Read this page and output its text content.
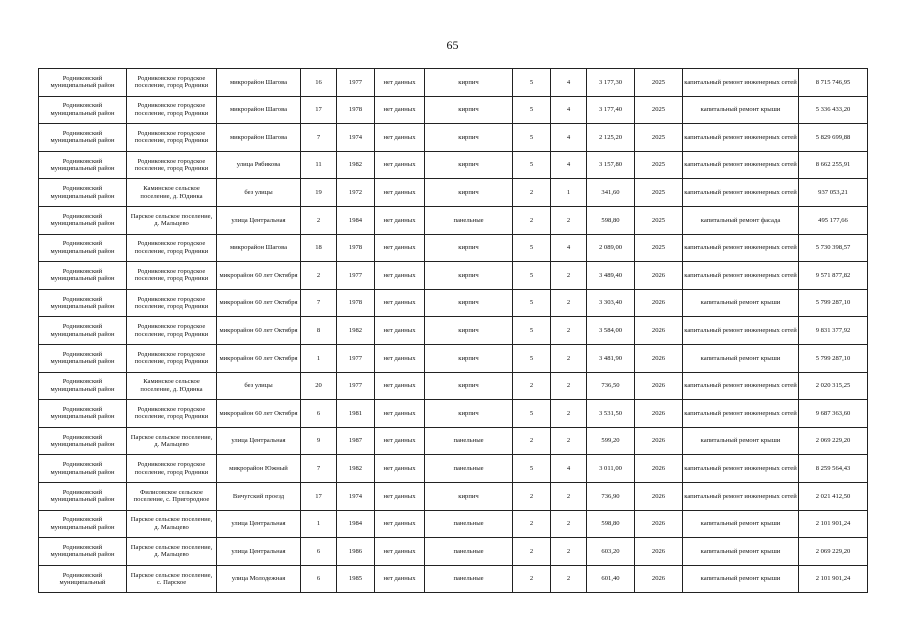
65
Родниковский муниципальный район	Родниковское городское поселение, город Родники	микрорайон Шагова	16	1977	нет данных	кирпич	5	4	3 177,30	2025	капитальный ремонт инженерных сетей	8 715 746,95

Родниковский муниципальный район	Родниковское городское поселение, город Родники	микрорайон Шагова	17	1978	нет данных	кирпич	5	4	3 177,40	2025	капитальный ремонт крыши	5 336 433,20

Родниковский муниципальный район	Родниковское городское поселение, город Родники	микрорайон Шагова	7	1974	нет данных	кирпич	5	4	2 125,20	2025	капитальный ремонт инженерных сетей	5 829 699,88

Родниковский муниципальный район	Родниковское городское поселение, город Родники	улица Рябикова	11	1982	нет данных	кирпич	5	4	3 157,80	2025	капитальный ремонт инженерных сетей	8 662 255,91

Родниковский муниципальный район	Каминское сельское поселение, д. Юдинка	без улицы	19	1972	нет данных	кирпич	2	1	341,60	2025	капитальный ремонт инженерных сетей	937 053,21

Родниковский муниципальный район	Парское сельское поселение, д. Мальцево	улица Центральная	2	1984	нет данных	панельные	2	2	598,80	2025	капитальный ремонт фасада	495 177,66

Родниковский муниципальный район	Родниковское городское поселение, город Родники	микрорайон Шагова	18	1978	нет данных	кирпич	5	4	2 089,00	2025	капитальный ремонт инженерных сетей	5 730 398,57

Родниковский муниципальный район	Родниковское городское поселение, город Родники	микрорайон 60 лет Октября	2	1977	нет данных	кирпич	5	2	3 489,40	2026	капитальный ремонт инженерных сетей	9 571 877,82

Родниковский муниципальный район	Родниковское городское поселение, город Родники	микрорайон 60 лет Октября	7	1978	нет данных	кирпич	5	2	3 303,40	2026	капитальный ремонт крыши	5 799 287,10

Родниковский муниципальный район	Родниковское городское поселение, город Родники	микрорайон 60 лет Октября	8	1982	нет данных	кирпич	5	2	3 584,00	2026	капитальный ремонт инженерных сетей	9 831 377,92

Родниковский муниципальный район	Родниковское городское поселение, город Родники	микрорайон 60 лет Октября	1	1977	нет данных	кирпич	5	2	3 481,90	2026	капитальный ремонт крыши	5 799 287,10

Родниковский муниципальный район	Каминское сельское поселение, д. Юдинка	без улицы	20	1977	нет данных	кирпич	2	2	736,50	2026	капитальный ремонт инженерных сетей	2 020 315,25

Родниковский муниципальный район	Родниковское городское поселение, город Родники	микрорайон 60 лет Октября	6	1981	нет данных	кирпич	5	2	3 531,50	2026	капитальный ремонт инженерных сетей	9 687 363,60

Родниковский муниципальный район	Парское сельское поселение, д. Мальцево	улица Центральная	9	1987	нет данных	панельные	2	2	599,20	2026	капитальный ремонт крыши	2 069 229,20

Родниковский муниципальный район	Родниковское городское поселение, город Родники	микрорайон Южный	7	1982	нет данных	панельные	5	4	3 011,00	2026	капитальный ремонт инженерных сетей	8 259 564,43

Родниковский муниципальный район	Филисовское сельское поселение, с. Пригородное	Вичугский проезд	17	1974	нет данных	кирпич	2	2	736,90	2026	капитальный ремонт инженерных сетей	2 021 412,50

Родниковский муниципальный район	Парское сельское поселение, д. Мальцево	улица Центральная	1	1984	нет данных	панельные	2	2	598,80	2026	капитальный ремонт крыши	2 101 901,24

Родниковский муниципальный район	Парское сельское поселение, д. Мальцево	улица Центральная	6	1986	нет данных	панельные	2	2	603,20	2026	капитальный ремонт крыши	2 069 229,20

Родниковский муниципальный	Парское сельское поселение, с. Парское	улица Молодежная	6	1985	нет данных	панельные	2	2	601,40	2026	капитальный ремонт крыши	2 101 901,24
